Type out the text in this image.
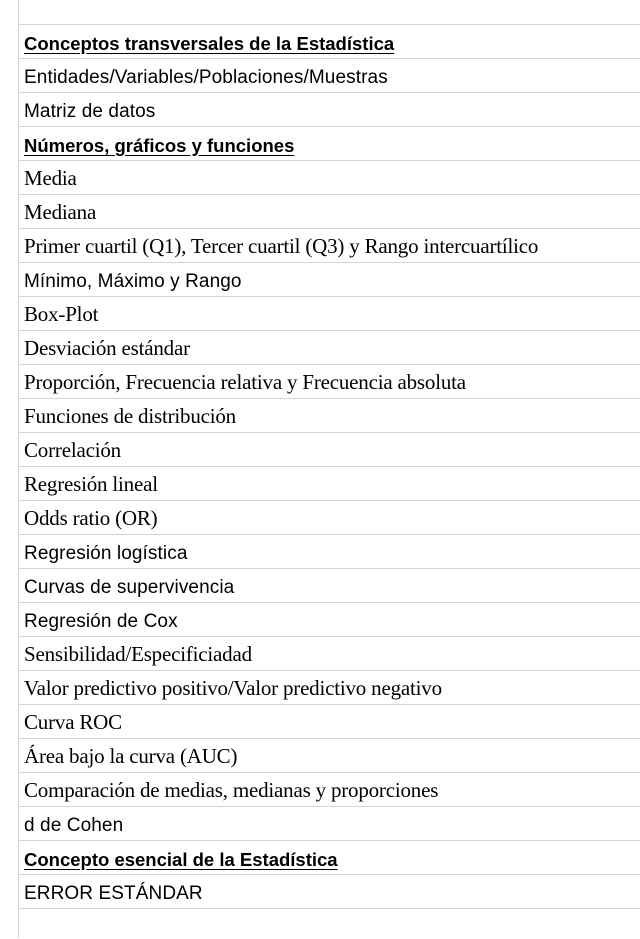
Conceptos transversales de la Estadística
Entidades/Variables/Poblaciones/Muestras
Matriz de datos
Números, gráficos y funciones
Media
Mediana
Primer cuartil (Q1), Tercer cuartil (Q3) y Rango intercuartílico
Mínimo, Máximo y Rango
Box-Plot
Desviación estándar
Proporción, Frecuencia relativa y Frecuencia absoluta
Funciones de distribución
Correlación
Regresión lineal
Odds ratio (OR)
Regresión logística
Curvas de supervivencia
Regresión de Cox
Sensibilidad/Especificiadad
Valor predictivo positivo/Valor predictivo negativo
Curva ROC
Área bajo la curva (AUC)
Comparación de medias, medianas y proporciones
d de Cohen
Concepto esencial de la Estadística
ERROR ESTÁNDAR
